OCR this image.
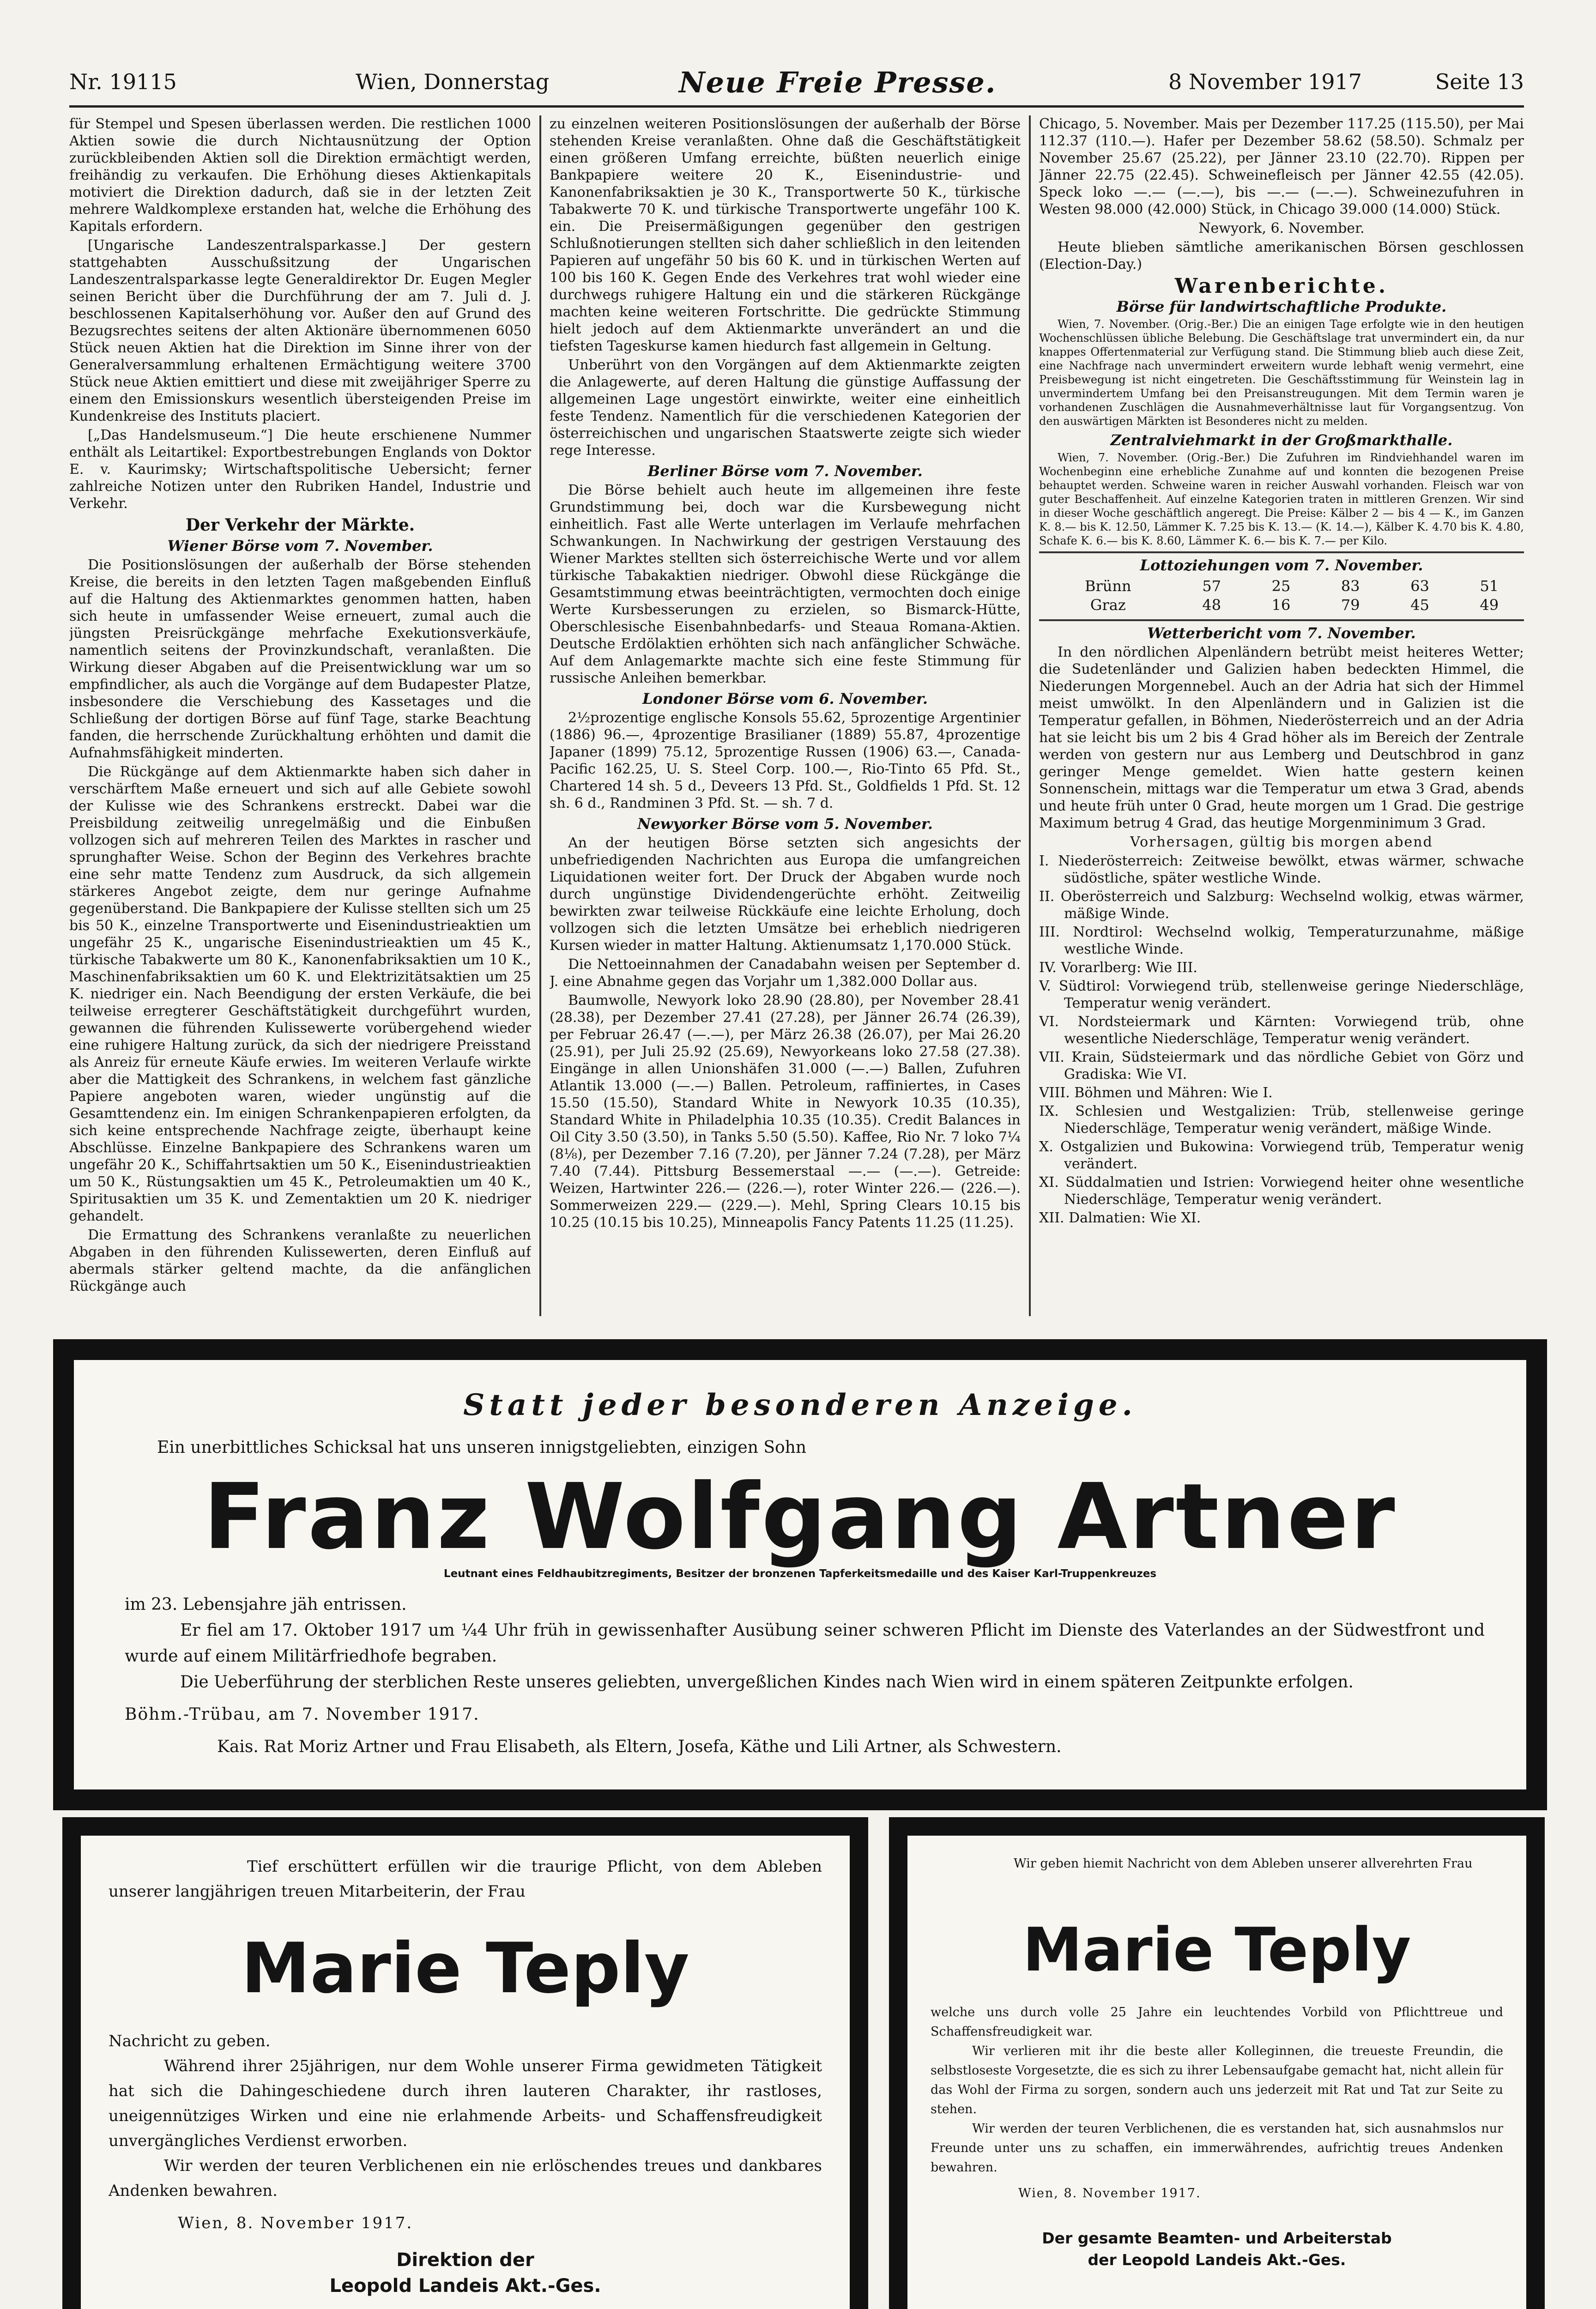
Nr. 19115	Wien, Donnerstag	Neue Freie Presse.	8 November 1917	Seite 13

für Stempel und Spesen überlassen werden. Die restlichen 1000 Aktien sowie die durch Nichtausnützung der Option zurückbleibenden Aktien soll die Direktion ermächtigt werden, freihändig zu verkaufen. Die Erhöhung dieses Aktienkapitals motiviert die Direktion dadurch, daß sie in der letzten Zeit mehrere Waldkomplexe erstanden hat, welche die Erhöhung des Kapitals erfordern.

[Ungarische Landeszentralsparkasse.] Der gestern stattgehabten Ausschußsitzung der Ungarischen Landeszentralsparkasse legte Generaldirektor Dr. Eugen Megler seinen Bericht über die Durchführung der am 7. Juli d. J. beschlossenen Kapitalserhöhung vor. Außer den auf Grund des Bezugsrechtes seitens der alten Aktionäre übernommenen 6050 Stück neuen Aktien hat die Direktion im Sinne ihrer von der Generalversammlung erhaltenen Ermächtigung weitere 3700 Stück neue Aktien emittiert und diese mit zweijähriger Sperre zu einem den Emissionskurs wesentlich übersteigenden Preise im Kundenkreise des Instituts placiert.

[„Das Handelsmuseum.“] Die heute erschienene Nummer enthält als Leitartikel: Exportbestrebungen Englands von Doktor E. v. Kaurimsky; Wirtschaftspolitische Uebersicht; ferner zahlreiche Notizen unter den Rubriken Handel, Industrie und Verkehr.

Der Verkehr der Märkte.
Wiener Börse vom 7. November.

Die Positionslösungen der außerhalb der Börse stehenden Kreise, die bereits in den letzten Tagen maßgebenden Einfluß auf die Haltung des Aktienmarktes genommen hatten, haben sich heute in umfassender Weise erneuert, zumal auch die jüngsten Preisrückgänge mehrfache Exekutionsverkäufe, namentlich seitens der Provinzkundschaft, veranlaßten. Die Wirkung dieser Abgaben auf die Preisentwicklung war um so empfindlicher, als auch die Vorgänge auf dem Budapester Platze, insbesondere die Verschiebung des Kassetages und die Schließung der dortigen Börse auf fünf Tage, starke Beachtung fanden, die herrschende Zurückhaltung erhöhten und damit die Aufnahmsfähigkeit minderten.

Die Rückgänge auf dem Aktienmarkte haben sich daher in verschärftem Maße erneuert und sich auf alle Gebiete sowohl der Kulisse wie des Schrankens erstreckt. Dabei war die Preisbildung zeitweilig unregelmäßig und die Einbußen vollzogen sich auf mehreren Teilen des Marktes in rascher und sprunghafter Weise. Schon der Beginn des Verkehres brachte eine sehr matte Tendenz zum Ausdruck, da sich allgemein stärkeres Angebot zeigte, dem nur geringe Aufnahme gegenüberstand. Die Bankpapiere der Kulisse stellten sich um 25 bis 50 K., einzelne Transportwerte und Eisenindustrieaktien um ungefähr 25 K., ungarische Eisenindustrieaktien um 45 K., türkische Tabakwerte um 80 K., Kanonenfabriksaktien um 10 K., Maschinenfabriksaktien um 60 K. und Elektrizitätsaktien um 25 K. niedriger ein. Nach Beendigung der ersten Verkäufe, die bei teilweise erregterer Geschäftstätigkeit durchgeführt wurden, gewannen die führenden Kulissewerte vorübergehend wieder eine ruhigere Haltung zurück, da sich der niedrigere Preisstand als Anreiz für erneute Käufe erwies. Im weiteren Verlaufe wirkte aber die Mattigkeit des Schrankens, in welchem fast gänzliche Papiere angeboten waren, wieder ungünstig auf die Gesamttendenz ein. Im einigen Schrankenpapieren erfolgten, da sich keine entsprechende Nachfrage zeigte, überhaupt keine Abschlüsse. Einzelne Bankpapiere des Schrankens waren um ungefähr 20 K., Schiffahrtsaktien um 50 K., Eisenindustrieaktien um 50 K., Rüstungsaktien um 45 K., Petroleumaktien um 40 K., Spiritusaktien um 35 K. und Zementaktien um 20 K. niedriger gehandelt.

Die Ermattung des Schrankens veranlaßte zu neuerlichen Abgaben in den führenden Kulissewerten, deren Einfluß auf abermals stärker geltend machte, da die anfänglichen Rückgänge auch

zu einzelnen weiteren Positionslösungen der außerhalb der Börse stehenden Kreise veranlaßten. Ohne daß die Geschäftstätigkeit einen größeren Umfang erreichte, büßten neuerlich einige Bankpapiere weitere 20 K., Eisenindustrie- und Kanonenfabriksaktien je 30 K., Transportwerte 50 K., türkische Tabakwerte 70 K. und türkische Transportwerte ungefähr 100 K. ein. Die Preisermäßigungen gegenüber den gestrigen Schlußnotierungen stellten sich daher schließlich in den leitenden Papieren auf ungefähr 50 bis 60 K. und in türkischen Werten auf 100 bis 160 K. Gegen Ende des Verkehres trat wohl wieder eine durchwegs ruhigere Haltung ein und die stärkeren Rückgänge machten keine weiteren Fortschritte. Die gedrückte Stimmung hielt jedoch auf dem Aktienmarkte unverändert an und die tiefsten Tageskurse kamen hiedurch fast allgemein in Geltung.

Unberührt von den Vorgängen auf dem Aktienmarkte zeigten die Anlagewerte, auf deren Haltung die günstige Auffassung der allgemeinen Lage ungestört einwirkte, weiter eine einheitlich feste Tendenz. Namentlich für die verschiedenen Kategorien der österreichischen und ungarischen Staatswerte zeigte sich wieder rege Interesse.

Berliner Börse vom 7. November.

Die Börse behielt auch heute im allgemeinen ihre feste Grundstimmung bei, doch war die Kursbewegung nicht einheitlich. Fast alle Werte unterlagen im Verlaufe mehrfachen Schwankungen. In Nachwirkung der gestrigen Verstauung des Wiener Marktes stellten sich österreichische Werte und vor allem türkische Tabakaktien niedriger. Obwohl diese Rückgänge die Gesamtstimmung etwas beeinträchtigten, vermochten doch einige Werte Kursbesserungen zu erzielen, so Bismarck-Hütte, Oberschlesische Eisenbahnbedarfs- und Steaua Romana-Aktien. Deutsche Erdölaktien erhöhten sich nach anfänglicher Schwäche. Auf dem Anlagemarkte machte sich eine feste Stimmung für russische Anleihen bemerkbar.

Londoner Börse vom 6. November.

2½prozentige englische Konsols 55.62, 5prozentige Argentinier (1886) 96.—, 4prozentige Brasilianer (1889) 55.87, 4prozentige Japaner (1899) 75.12, 5prozentige Russen (1906) 63.—, Canada-Pacific 162.25, U. S. Steel Corp. 100.—, Rio-Tinto 65 Pfd. St., Chartered 14 sh. 5 d., Deveers 13 Pfd. St., Goldfields 1 Pfd. St. 12 sh. 6 d., Randminen 3 Pfd. St. — sh. 7 d.

Newyorker Börse vom 5. November.

An der heutigen Börse setzten sich angesichts der unbefriedigenden Nachrichten aus Europa die umfangreichen Liquidationen weiter fort. Der Druck der Abgaben wurde noch durch ungünstige Dividendengerüchte erhöht. Zeitweilig bewirkten zwar teilweise Rückkäufe eine leichte Erholung, doch vollzogen sich die letzten Umsätze bei erheblich niedrigeren Kursen wieder in matter Haltung. Aktienumsatz 1,170.000 Stück.

Die Nettoeinnahmen der Canadabahn weisen per September d. J. eine Abnahme gegen das Vorjahr um 1,382.000 Dollar aus.

Baumwolle, Newyork loko 28.90 (28.80), per November 28.41 (28.38), per Dezember 27.41 (27.28), per Jänner 26.74 (26.39), per Februar 26.47 (—.—), per März 26.38 (26.07), per Mai 26.20 (25.91), per Juli 25.92 (25.69), Newyorkeans loko 27.58 (27.38). Eingänge in allen Unionshäfen 31.000 (—.—) Ballen, Zufuhren Atlantik 13.000 (—.—) Ballen. Petroleum, raffiniertes, in Cases 15.50 (15.50), Standard White in Newyork 10.35 (10.35), Standard White in Philadelphia 10.35 (10.35). Credit Balances in Oil City 3.50 (3.50), in Tanks 5.50 (5.50). Kaffee, Rio Nr. 7 loko 7¼ (8⅛), per Dezember 7.16 (7.20), per Jänner 7.24 (7.28), per März 7.40 (7.44). Pittsburg Bessemerstaal —.— (—.—). Getreide: Weizen, Hartwinter 226.— (226.—), roter Winter 226.— (226.—). Sommerweizen 229.— (229.—). Mehl, Spring Clears 10.15 bis 10.25 (10.15 bis 10.25), Minneapolis Fancy Patents 11.25 (11.25).

Chicago, 5. November. Mais per Dezember 117.25 (115.50), per Mai 112.37 (110.—). Hafer per Dezember 58.62 (58.50). Schmalz per November 25.67 (25.22), per Jänner 23.10 (22.70). Rippen per Jänner 22.75 (22.45). Schweinefleisch per Jänner 42.55 (42.05). Speck loko —.— (—.—), bis —.— (—.—). Schweinezufuhren in Westen 98.000 (42.000) Stück, in Chicago 39.000 (14.000) Stück.

Newyork, 6. November.

Heute blieben sämtliche amerikanischen Börsen geschlossen (Election-Day.)

Warenberichte.
Börse für landwirtschaftliche Produkte.

Wien, 7. November. (Orig.-Ber.) Die an einigen Tage erfolgte wie in den heutigen Wochenschlüssen übliche Belebung. Die Geschäftslage trat unvermindert ein, da nur knappes Offertenmaterial zur Verfügung stand. Die Stimmung blieb auch diese Zeit, eine Nachfrage nach unvermindert erweitern wurde lebhaft wenig vermehrt, eine Preisbewegung ist nicht eingetreten. Die Geschäftsstimmung für Weinstein lag in unvermindertem Umfang bei den Preisanstreugungen. Mit dem Termin waren je vorhandenen Zuschlägen die Ausnahmeverhältnisse laut für Vorgangsentzug. Von den auswärtigen Märkten ist Besonderes nicht zu melden.

Zentralviehmarkt in der Großmarkthalle.

Wien, 7. November. (Orig.-Ber.) Die Zufuhren im Rindviehhandel waren im Wochenbeginn eine erhebliche Zunahme auf und konnten die bezogenen Preise behauptet werden. Schweine waren in reicher Auswahl vorhanden. Fleisch war von guter Beschaffenheit. Auf einzelne Kategorien traten in mittleren Grenzen. Wir sind in dieser Woche geschäftlich angeregt. Die Preise: Kälber 2 — bis 4 — K., im Ganzen K. 8.— bis K. 12.50, Lämmer K. 7.25 bis K. 13.— (K. 14.—), Kälber K. 4.70 bis K. 4.80, Schafe K. 6.— bis K. 8.60, Lämmer K. 6.— bis K. 7.— per Kilo.

Lottoziehungen vom 7. November.
Brünn	57	25	83	63	51
Graz	48	16	79	45	49
Wetterbericht vom 7. November.

In den nördlichen Alpenländern betrübt meist heiteres Wetter; die Sudetenländer und Galizien haben bedeckten Himmel, die Niederungen Morgennebel. Auch an der Adria hat sich der Himmel meist umwölkt. In den Alpenländern und in Galizien ist die Temperatur gefallen, in Böhmen, Niederösterreich und an der Adria hat sie leicht bis um 2 bis 4 Grad höher als im Bereich der Zentrale werden von gestern nur aus Lemberg und Deutschbrod in ganz geringer Menge gemeldet. Wien hatte gestern keinen Sonnenschein, mittags war die Temperatur um etwa 3 Grad, abends und heute früh unter 0 Grad, heute morgen um 1 Grad. Die gestrige Maximum betrug 4 Grad, das heutige Morgenminimum 3 Grad.

Vorhersagen, gültig bis morgen abend

I. Niederösterreich: Zeitweise bewölkt, etwas wärmer, schwache südöstliche, später westliche Winde.
II. Oberösterreich und Salzburg: Wechselnd wolkig, etwas wärmer, mäßige Winde.
III. Nordtirol: Wechselnd wolkig, Temperaturzunahme, mäßige westliche Winde.
IV. Vorarlberg: Wie III.
V. Südtirol: Vorwiegend trüb, stellenweise geringe Niederschläge, Temperatur wenig verändert.
VI. Nordsteiermark und Kärnten: Vorwiegend trüb, ohne wesentliche Niederschläge, Temperatur wenig verändert.
VII. Krain, Südsteiermark und das nördliche Gebiet von Görz und Gradiska: Wie VI.
VIII. Böhmen und Mähren: Wie I.
IX. Schlesien und Westgalizien: Trüb, stellenweise geringe Niederschläge, Temperatur wenig verändert, mäßige Winde.
X. Ostgalizien und Bukowina: Vorwiegend trüb, Temperatur wenig verändert.
XI. Süddalmatien und Istrien: Vorwiegend heiter ohne wesentliche Niederschläge, Temperatur wenig verändert.
XII. Dalmatien: Wie XI.
Statt jeder besonderen Anzeige.
Ein unerbittliches Schicksal hat uns unseren innigstgeliebten, einzigen Sohn
Franz Wolfgang Artner
Leutnant eines Feldhaubitzregiments, Besitzer der bronzenen Tapferkeitsmedaille und des Kaiser Karl-Truppenkreuzes

im 23. Lebensjahre jäh entrissen.

Er fiel am 17. Oktober 1917 um ¼4 Uhr früh in gewissenhafter Ausübung seiner schweren Pflicht im Dienste des Vaterlandes an der Südwestfront und wurde auf einem Militärfriedhofe begraben.

Die Ueberführung der sterblichen Reste unseres geliebten, unvergeßlichen Kindes nach Wien wird in einem späteren Zeitpunkte erfolgen.

Böhm.-Trübau, am 7. November 1917.

Kais. Rat Moriz Artner und Frau Elisabeth, als Eltern, Josefa, Käthe und Lili Artner, als Schwestern.

Tief erschüttert erfüllen wir die traurige Pflicht, von dem Ableben unserer langjährigen treuen Mitarbeiterin, der Frau
Marie Teply

Nachricht zu geben.

Während ihrer 25jährigen, nur dem Wohle unserer Firma gewidmeten Tätigkeit hat sich die Dahingeschiedene durch ihren lauteren Charakter, ihr rastloses, uneigennütziges Wirken und eine nie erlahmende Arbeits- und Schaffensfreudigkeit unvergängliches Verdienst erworben.

Wir werden der teuren Verblichenen ein nie erlöschendes treues und dankbares Andenken bewahren.

Wien, 8. November 1917.

Direktion der
Leopold Landeis Akt.-Ges.
Wir geben hiemit Nachricht von dem Ableben unserer allverehrten Frau
Marie Teply

welche uns durch volle 25 Jahre ein leuchtendes Vorbild von Pflichttreue und Schaffensfreudigkeit war.

Wir verlieren mit ihr die beste aller Kolleginnen, die treueste Freundin, die selbstloseste Vorgesetzte, die es sich zu ihrer Lebensaufgabe gemacht hat, nicht allein für das Wohl der Firma zu sorgen, sondern auch uns jederzeit mit Rat und Tat zur Seite zu stehen.

Wir werden der teuren Verblichenen, die es verstanden hat, sich ausnahmslos nur Freunde unter uns zu schaffen, ein immerwährendes, aufrichtig treues Andenken bewahren.

Wien, 8. November 1917.

Der gesamte Beamten- und Arbeiterstab
der Leopold Landeis Akt.-Ges.
